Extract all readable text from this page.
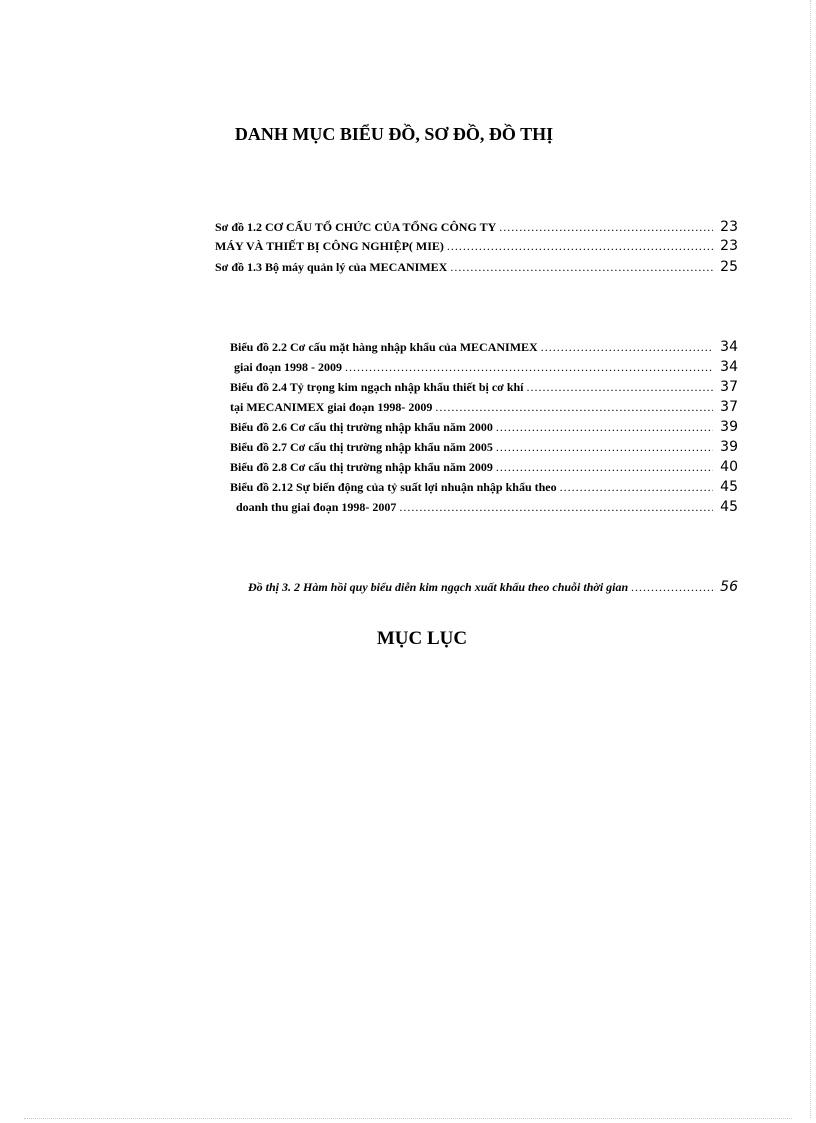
DANH MỤC BIỂU ĐỒ, SƠ ĐỒ, ĐỒ THỊ
Sơ đồ 1.2 CƠ CẤU TỔ CHỨC CỦA TỔNG CÔNG TY .....	23
MÁY VÀ THIẾT BỊ CÔNG NGHIỆP( MIE) .....	23
Sơ đồ 1.3 Bộ máy quản lý của MECANIMEX .....	25
Biểu đồ 2.2 Cơ cấu mặt hàng nhập khẩu của MECANIMEX .....	34
giai đoạn 1998 - 2009 .....	34
Biểu đồ 2.4 Tỷ trọng kim ngạch nhập khẩu thiết bị cơ khí .....	37
tại MECANIMEX giai đoạn 1998- 2009 .....	37
Biểu đồ 2.6 Cơ cấu thị trường nhập khẩu năm 2000 .....	39
Biểu đồ 2.7 Cơ cấu thị trường nhập khẩu năm 2005 .....	39
Biểu đồ 2.8 Cơ cấu thị trường nhập khẩu năm 2009 .....	40
Biểu đồ 2.12 Sự biến động của tỷ suất lợi nhuận nhập khẩu theo .....	45
doanh thu giai đoạn 1998- 2007 .....	45
Đồ thị 3. 2 Hàm hồi quy biểu diễn kim ngạch xuất khẩu theo chuỗi thời gian .....	56
MỤC LỤC
